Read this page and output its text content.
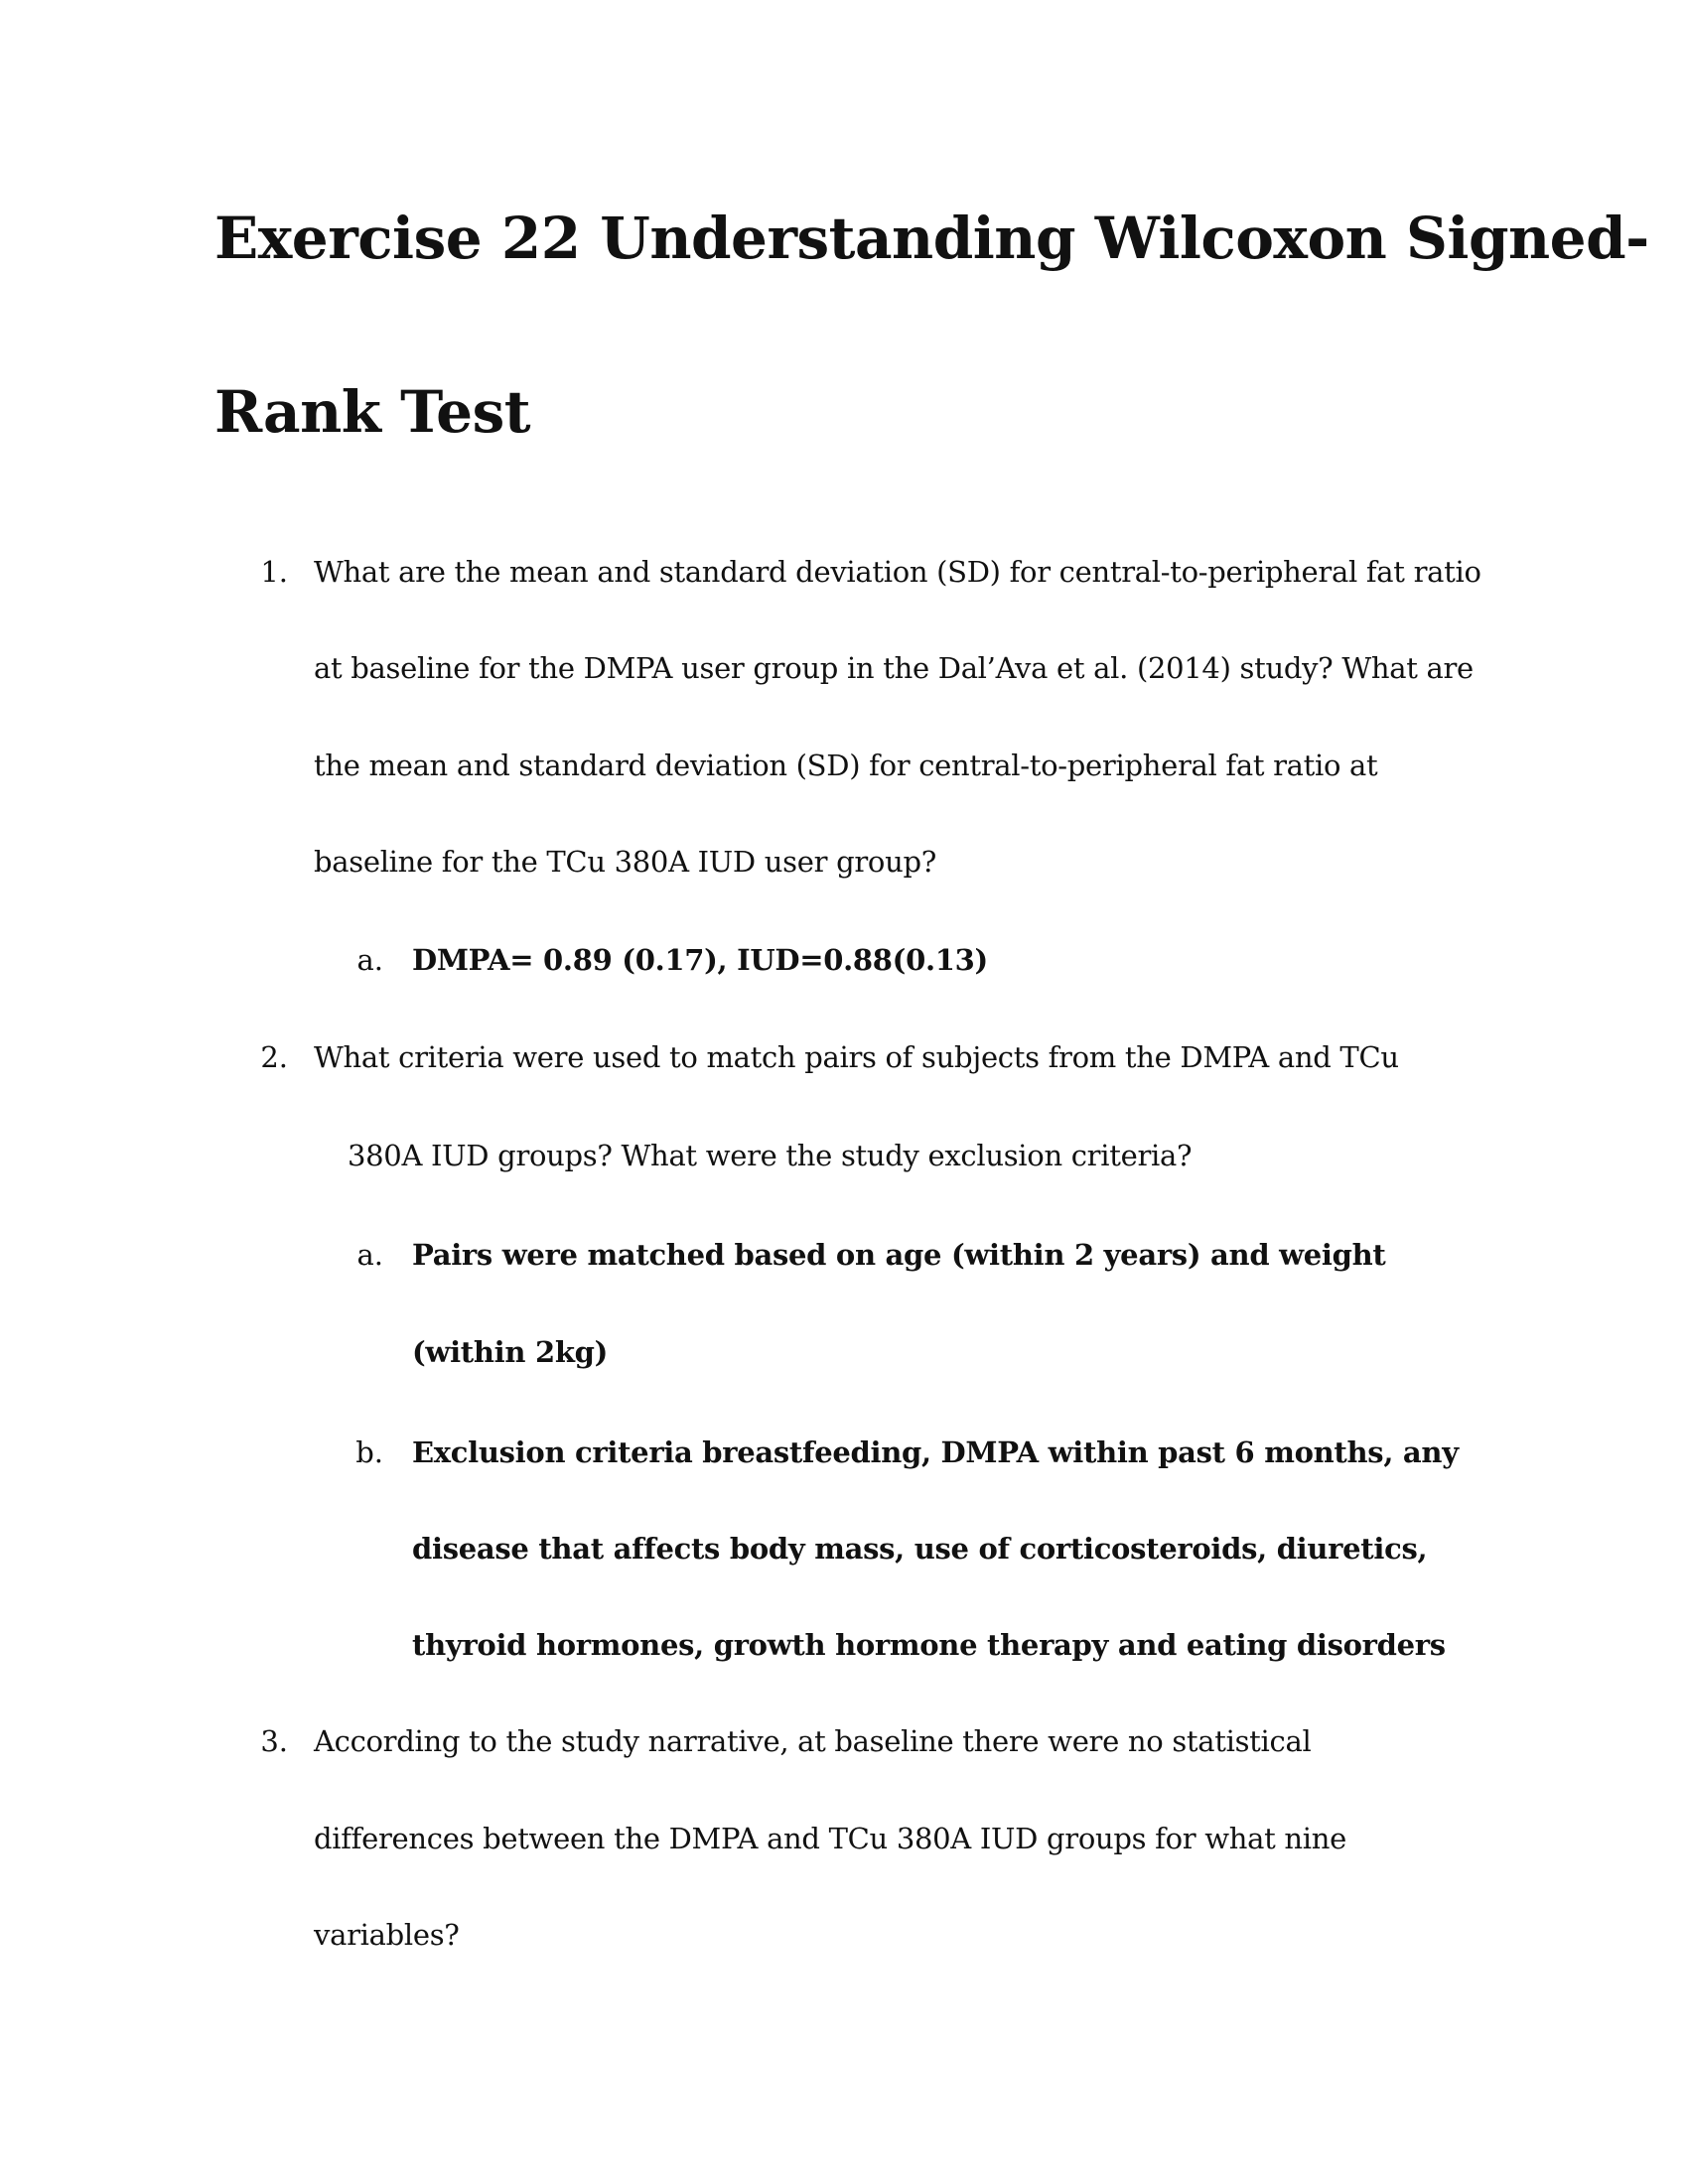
Exercise 22 Understanding Wilcoxon Signed-
Rank Test
1. What are the mean and standard deviation (SD) for central-to-peripheral fat ratio
at baseline for the DMPA user group in the Dal’Ava et al. (2014) study? What are
the mean and standard deviation (SD) for central-to-peripheral fat ratio at
baseline for the TCu 380A IUD user group?
a. DMPA= 0.89 (0.17), IUD=0.88(0.13)
2. What criteria were used to match pairs of subjects from the DMPA and TCu
380A IUD groups? What were the study exclusion criteria?
a. Pairs were matched based on age (within 2 years) and weight
(within 2kg)
b. Exclusion criteria breastfeeding, DMPA within past 6 months, any
disease that affects body mass, use of corticosteroids, diuretics,
thyroid hormones, growth hormone therapy and eating disorders
3. According to the study narrative, at baseline there were no statistical
differences between the DMPA and TCu 380A IUD groups for what nine
variables?
